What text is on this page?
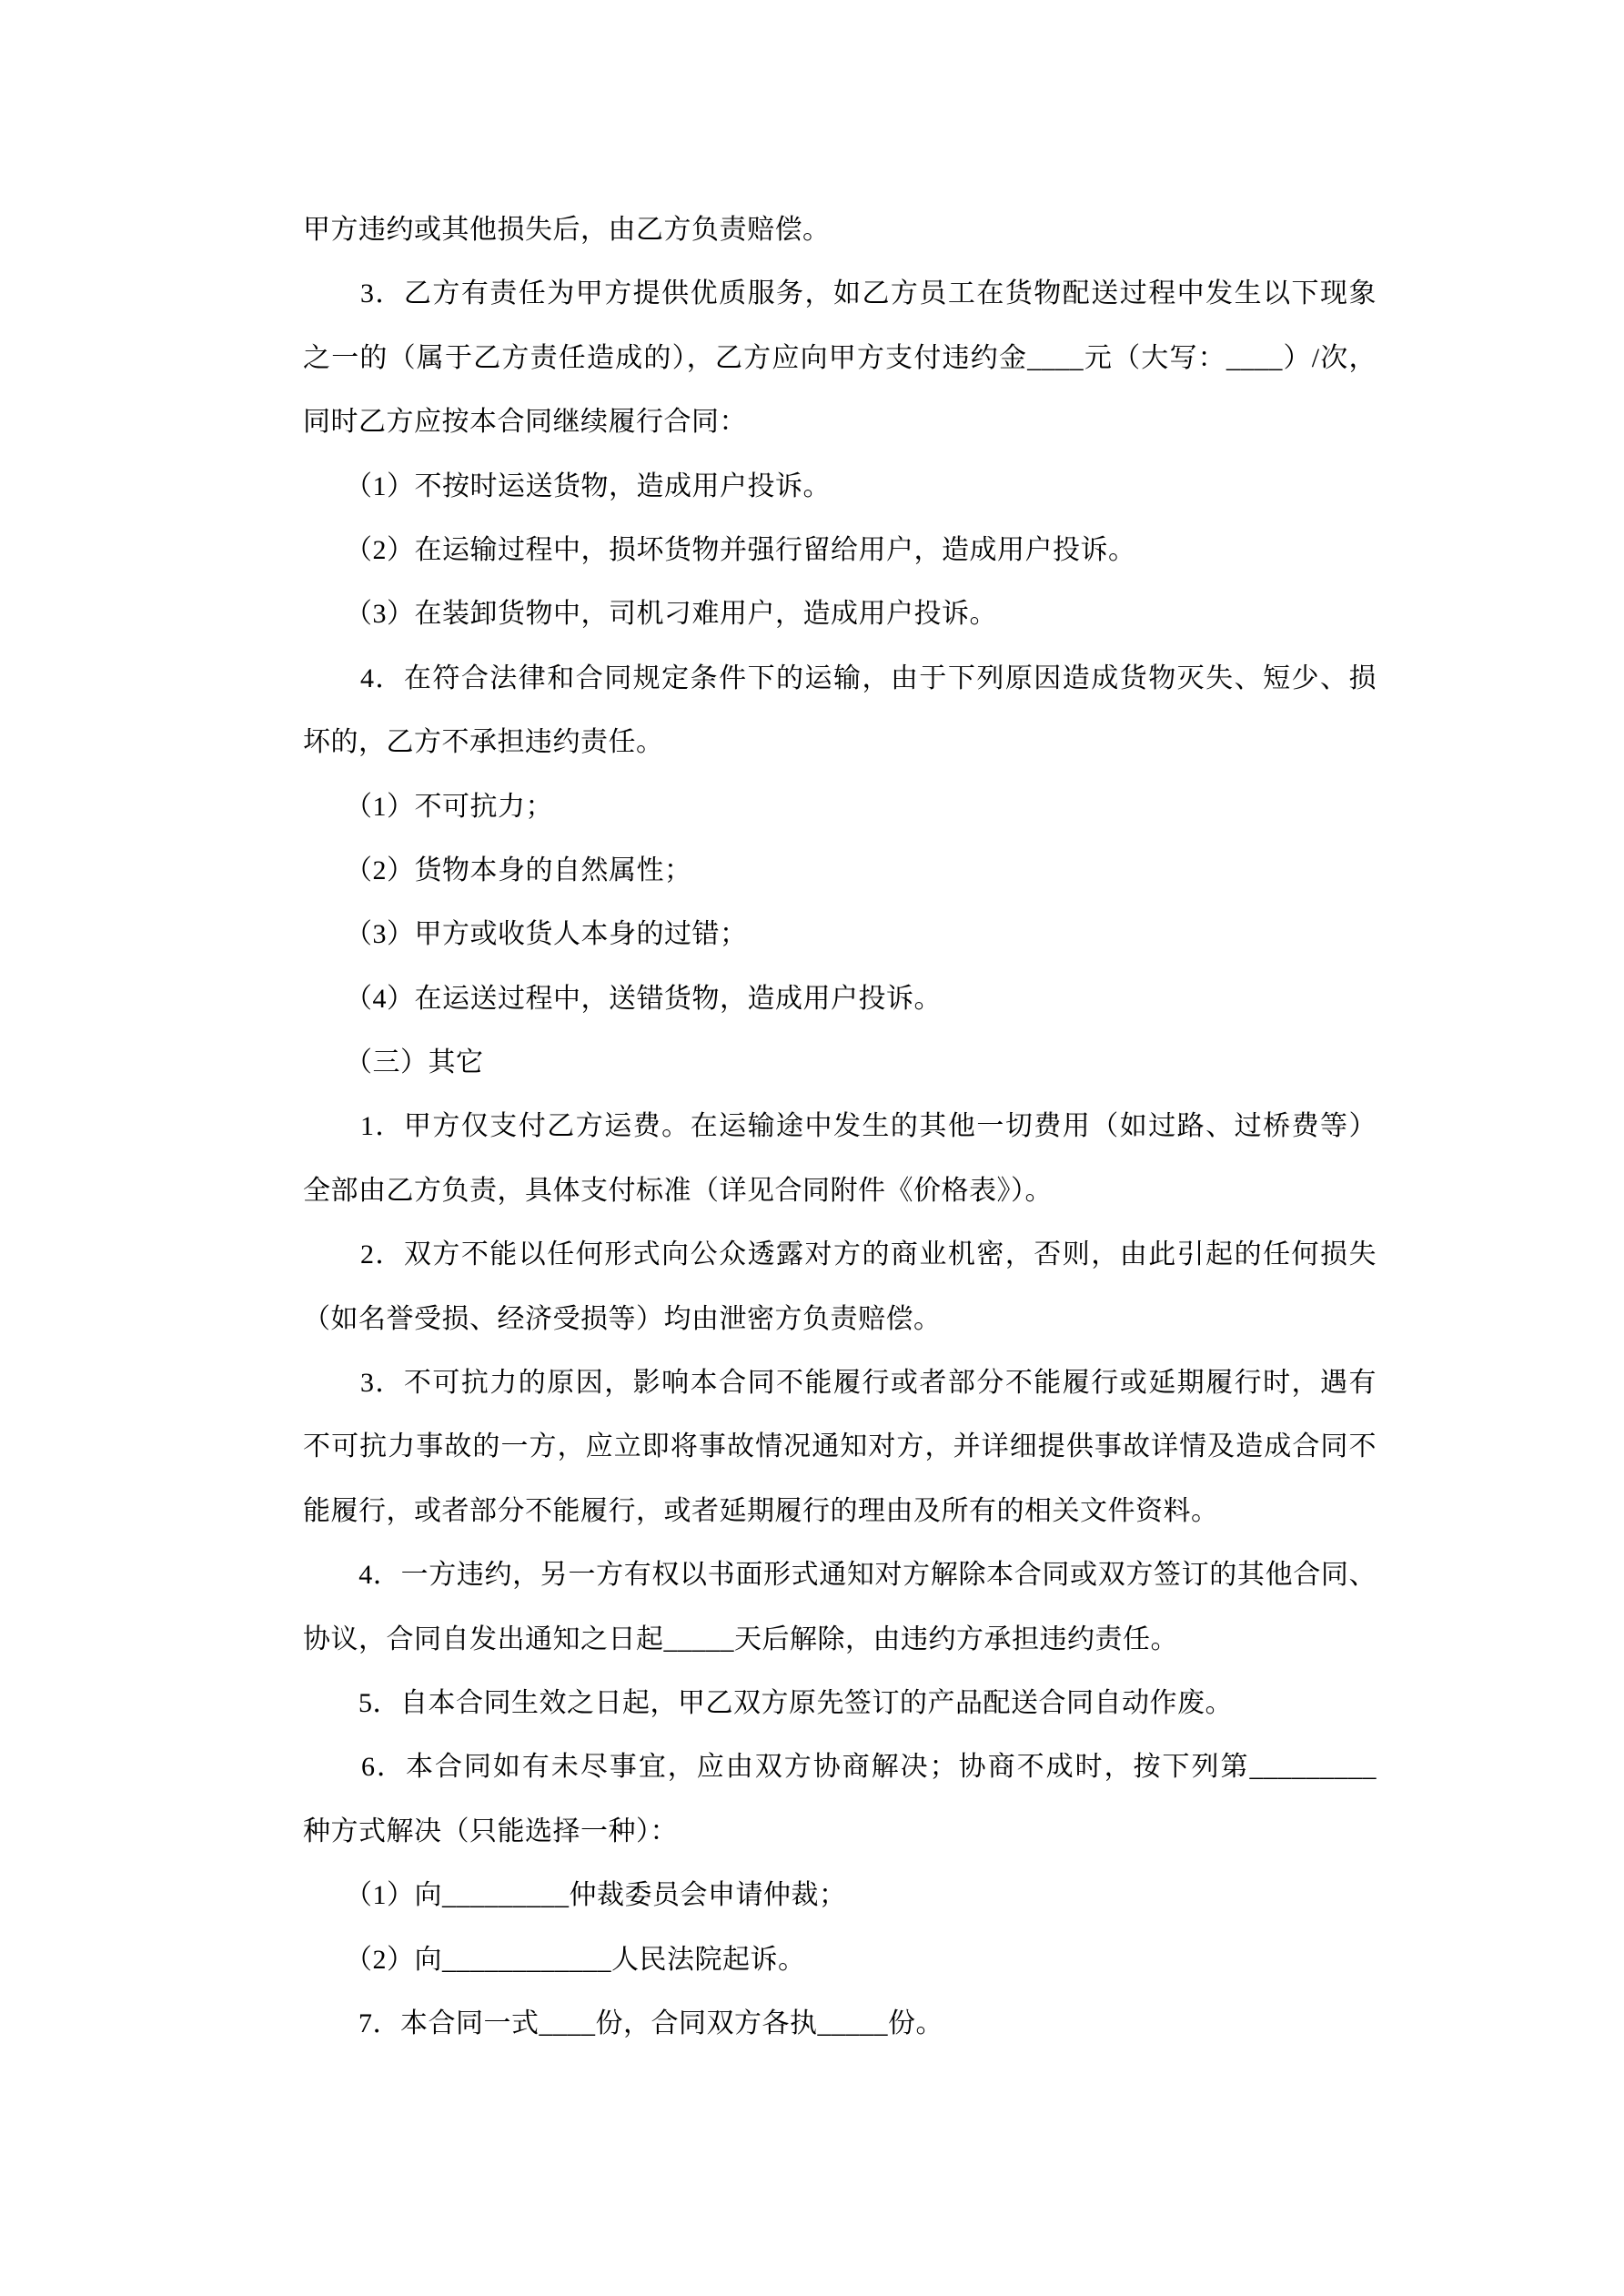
甲方违约或其他损失后，由乙方负责赔偿。
　　3．乙方有责任为甲方提供优质服务，如乙方员工在货物配送过程中发生以下现象
之一的（属于乙方责任造成的），乙方应向甲方支付违约金____元（大写：____）/次，
同时乙方应按本合同继续履行合同：
　　（1）不按时运送货物，造成用户投诉。
　　（2）在运输过程中，损坏货物并强行留给用户，造成用户投诉。
　　（3）在装卸货物中，司机刁难用户，造成用户投诉。
　　4．在符合法律和合同规定条件下的运输，由于下列原因造成货物灭失、短少、损
坏的，乙方不承担违约责任。
　　（1）不可抗力；
　　（2）货物本身的自然属性；
　　（3）甲方或收货人本身的过错；
　　（4）在运送过程中，送错货物，造成用户投诉。
　　（三）其它
　　1．甲方仅支付乙方运费。在运输途中发生的其他一切费用（如过路、过桥费等）
全部由乙方负责，具体支付标准（详见合同附件《价格表》）。
　　2．双方不能以任何形式向公众透露对方的商业机密，否则，由此引起的任何损失
（如名誉受损、经济受损等）均由泄密方负责赔偿。
　　3．不可抗力的原因，影响本合同不能履行或者部分不能履行或延期履行时，遇有
不可抗力事故的一方，应立即将事故情况通知对方，并详细提供事故详情及造成合同不
能履行，或者部分不能履行，或者延期履行的理由及所有的相关文件资料。
　　4．一方违约，另一方有权以书面形式通知对方解除本合同或双方签订的其他合同、
协议，合同自发出通知之日起_____天后解除，由违约方承担违约责任。
　　5．自本合同生效之日起，甲乙双方原先签订的产品配送合同自动作废。
　　6．本合同如有未尽事宜，应由双方协商解决；协商不成时，按下列第_________
种方式解决（只能选择一种）：
　　（1）向_________仲裁委员会申请仲裁；
　　（2）向____________人民法院起诉。
　　7．本合同一式____份，合同双方各执_____份。
